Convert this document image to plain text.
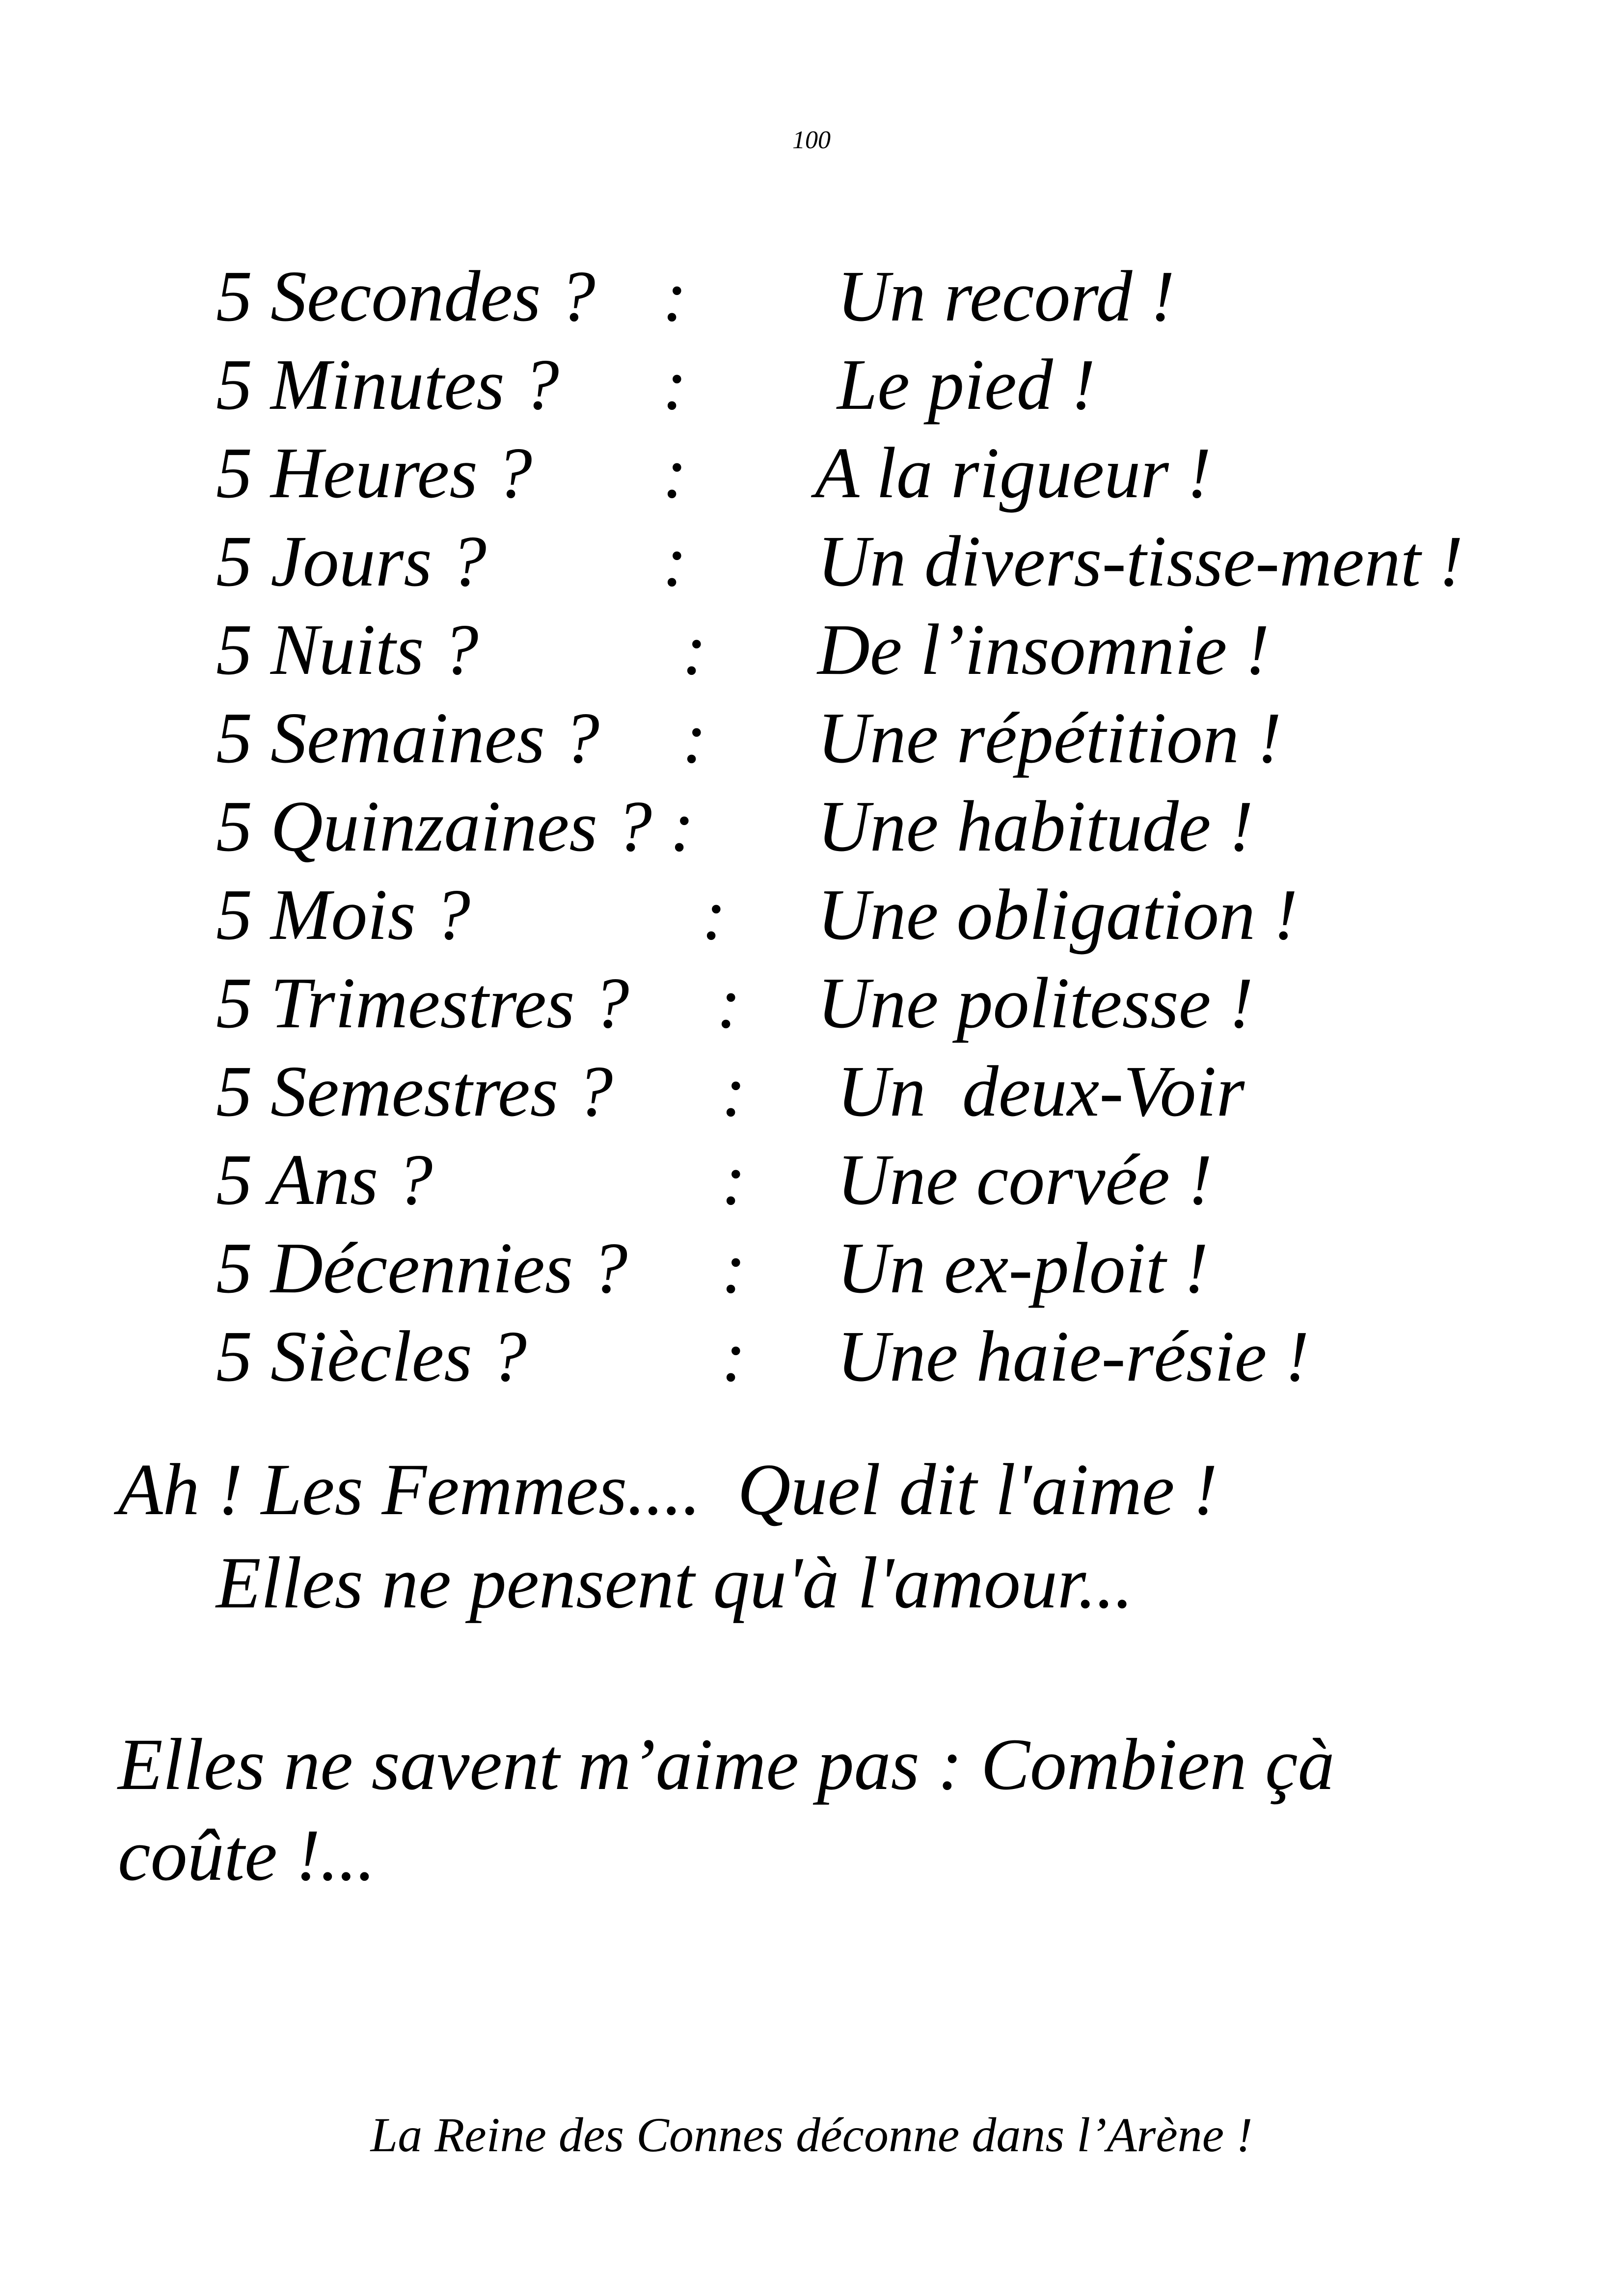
100
5 Secondes ? : Un record !
5 Minutes ? : Le pied !
5 Heures ? : A la rigueur !
5 Jours ? : Un divers-tisse-ment !
5 Nuits ?	: De l’insomnie !
5 Semaines ? : Une répétition !
5 Quinzaines ? : Une habitude !
5 Mois ?	: Une obligation !
5 Trimestres ? : Une politesse !
5 Semestres ? : Un  deux-Voir
5 Ans ?	: Une corvée !
5 Décennies ? : Un ex-ploit !
5 Siècles ?	: Une haie-résie !
Ah ! Les Femmes....  Quel dit l'aime !
Elles ne pensent qu'à l'amour...
Elles ne savent m’aime pas : Combien çà
coûte !...
La Reine des Connes déconne dans l’Arène !
